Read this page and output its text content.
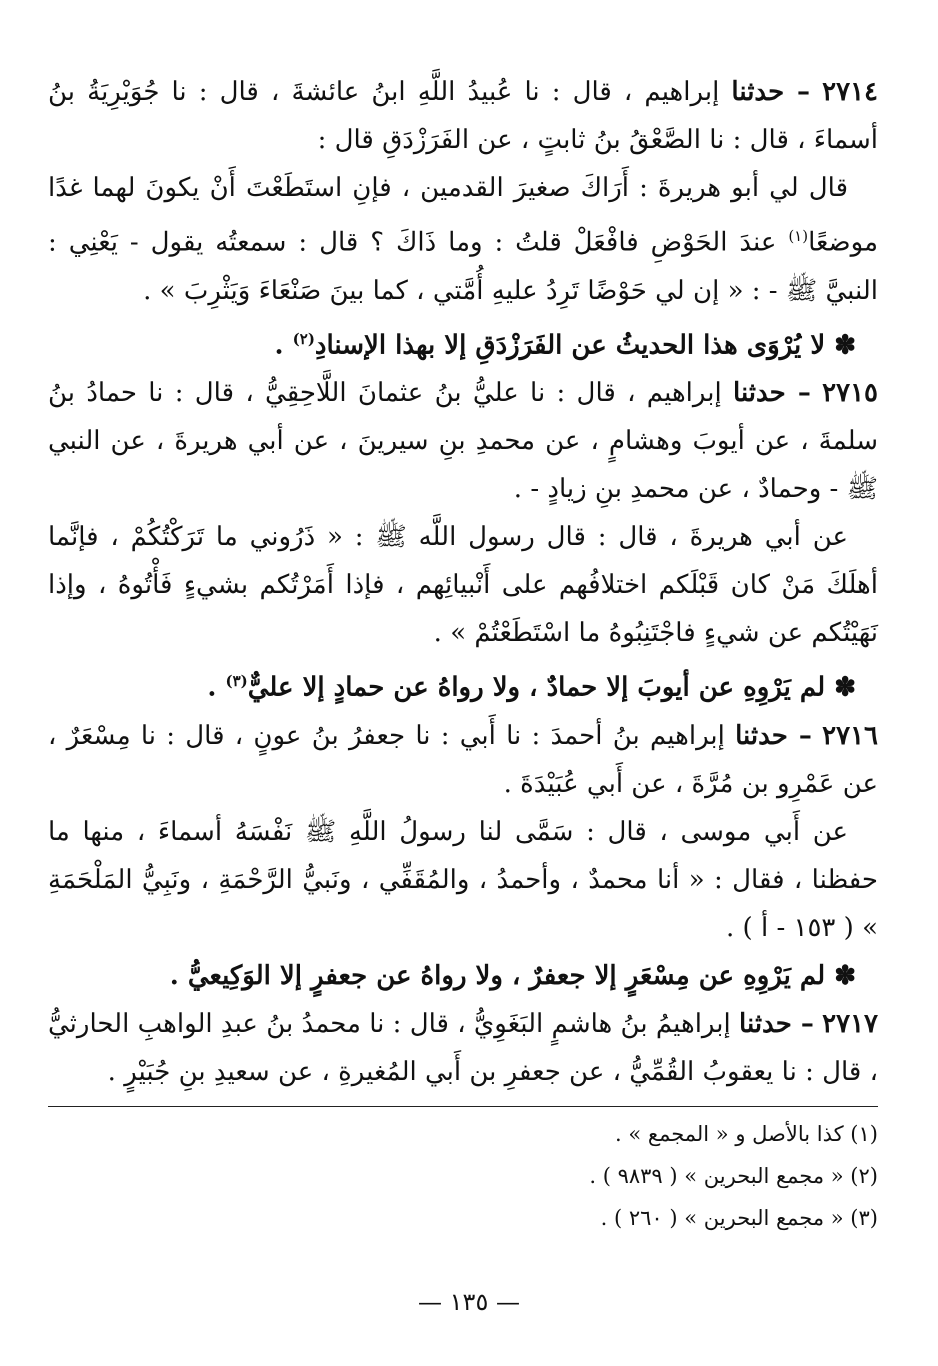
٢٧١٤ – حدثنا إبراهيم ، قال : نا عُبيدُ اللَّهِ ابنُ عائشةَ ، قال : نا جُوَيْرِيَةُ بنُ أسماءَ ، قال : نا الصَّعْقُ بنُ ثابتٍ ، عن الفَرَزْدَقِ قال :

قال لي أبو هريرةَ : أَرَاكَ صغيرَ القدمين ، فإنِ استَطَعْتَ أَنْ يكونَ لهما غدًا موضعًا$^{(١)}$ عندَ الحَوْضِ فافْعَلْ قلتُ : وما ذَاكَ ؟ قال : سمعتُه يقول - يَعْنِي : النبيَّ ﷺ - : « إن لي حَوْضًا تَرِدُ عليهِ أُمَّتي ، كما بينَ صَنْعَاءَ وَيَثْرِبَ » .

✽ لا يُرْوَى هذا الحديثُ عن الفَرَزْدَقِ إلا بهذا الإسنادِ$^{(٢)}$ .

٢٧١٥ – حدثنا إبراهيم ، قال : نا عليُّ بنُ عثمانَ اللَّاحِقِيُّ ، قال : نا حمادُ بنُ سلمةَ ، عن أيوبَ وهشامٍ ، عن محمدِ بنِ سيرينَ ، عن أبي هريرةَ ، عن النبي ﷺ - وحمادٌ ، عن محمدِ بنِ زيادٍ - .

عن أبي هريرةَ ، قال : قال رسول اللَّه ﷺ : « ذَرُوني ما تَرَكْتُكُمْ ، فإنَّما أهلَكَ مَنْ كان قَبْلَكم اختلافُهم على أَنْبيائِهم ، فإذا أَمَرْتُكم بشيءٍ فَأْتُوهُ ، وإذا نَهَيْتُكم عن شيءٍ فاجْتَنِبُوهُ ما اسْتَطَعْتُمْ » .

✽ لم يَرْوِهِ عن أيوبَ إلا حمادٌ ، ولا رواهُ عن حمادٍ إلا عليٌّ$^{(٣)}$ .

٢٧١٦ – حدثنا إبراهيم بنُ أحمدَ : نا أَبي : نا جعفرُ بنُ عونٍ ، قال : نا مِسْعَرٌ ، عن عَمْرِو بن مُرَّةَ ، عن أَبي عُبَيْدَةَ .

عن أَبي موسى ، قال : سَمَّى لنا رسولُ اللَّهِ ﷺ نَفْسَهُ أسماءَ ، منها ما حفظنا ، فقال : « أنا محمدٌ ، وأحمدُ ، والمُقَفِّي ، ونَبيُّ الرَّحْمَةِ ، ونَبِيُّ المَلْحَمَةِ » ( ١٥٣ - أ ) .

✽ لم يَرْوِهِ عن مِسْعَرٍ إلا جعفرٌ ، ولا رواهُ عن جعفرٍ إلا الوَكِيعيُّ .

٢٧١٧ – حدثنا إبراهيمُ بنُ هاشمٍ البَغَوِيُّ ، قال : نا محمدُ بنُ عبدِ الواهبِ الحارثيُّ ، قال : نا يعقوبُ القُمِّيُّ ، عن جعفرِ بن أَبي المُغيرةِ ، عن سعيدِ بنِ جُبَيْرٍ .

(١) كذا بالأصل و « المجمع » .

(٢) « مجمع البحرين » ( ٩٨٣٩ ) .

(٣) « مجمع البحرين » ( ٢٦٠ ) .

— ١٣٥ —
